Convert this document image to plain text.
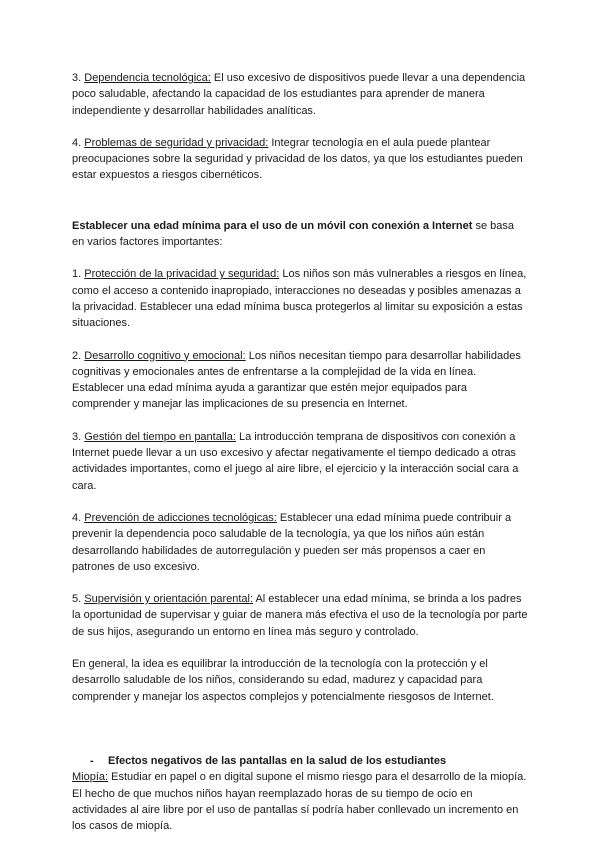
3. Dependencia tecnológica: El uso excesivo de dispositivos puede llevar a una dependencia poco saludable, afectando la capacidad de los estudiantes para aprender de manera independiente y desarrollar habilidades analíticas.

4. Problemas de seguridad y privacidad: Integrar tecnología en el aula puede plantear preocupaciones sobre la seguridad y privacidad de los datos, ya que los estudiantes pueden estar expuestos a riesgos cibernéticos.

Establecer una edad mínima para el uso de un móvil con conexión a Internet se basa en varios factores importantes:

1. Protección de la privacidad y seguridad: Los niños son más vulnerables a riesgos en línea, como el acceso a contenido inapropiado, interacciones no deseadas y posibles amenazas a la privacidad. Establecer una edad mínima busca protegerlos al limitar su exposición a estas situaciones.

2. Desarrollo cognitivo y emocional: Los niños necesitan tiempo para desarrollar habilidades cognitivas y emocionales antes de enfrentarse a la complejidad de la vida en línea. Establecer una edad mínima ayuda a garantizar que estén mejor equipados para comprender y manejar las implicaciones de su presencia en Internet.

3. Gestión del tiempo en pantalla: La introducción temprana de dispositivos con conexión a Internet puede llevar a un uso excesivo y afectar negativamente el tiempo dedicado a otras actividades importantes, como el juego al aire libre, el ejercicio y la interacción social cara a cara.

4. Prevención de adicciones tecnológicas: Establecer una edad mínima puede contribuir a prevenir la dependencia poco saludable de la tecnología, ya que los niños aún están desarrollando habilidades de autorregulación y pueden ser más propensos a caer en patrones de uso excesivo.

5. Supervisión y orientación parental: Al establecer una edad mínima, se brinda a los padres la oportunidad de supervisar y guiar de manera más efectiva el uso de la tecnología por parte de sus hijos, asegurando un entorno en línea más seguro y controlado.

En general, la idea es equilibrar la introducción de la tecnología con la protección y el desarrollo saludable de los niños, considerando su edad, madurez y capacidad para comprender y manejar los aspectos complejos y potencialmente riesgosos de Internet.

- Efectos negativos de las pantallas en la salud de los estudiantes

Miopía: Estudiar en papel o en digital supone el mismo riesgo para el desarrollo de la miopía. El hecho de que muchos niños hayan reemplazado horas de su tiempo de ocio en actividades al aire libre por el uso de pantallas sí podría haber conllevado un incremento en los casos de miopía.
